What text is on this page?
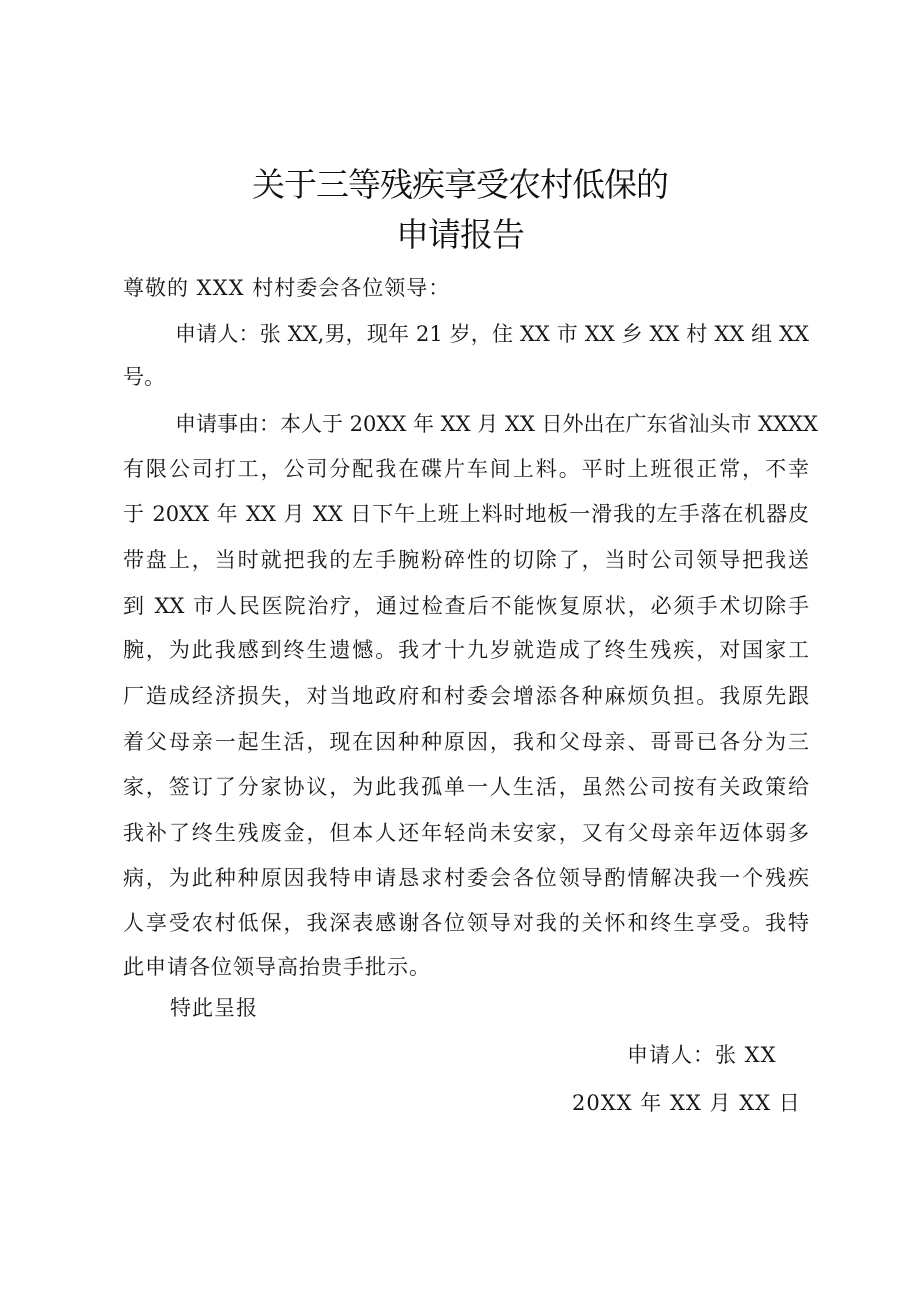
关于三等残疾享受农村低保的
申请报告
尊敬的 XXX 村村委会各位领导：
申请人：张 XX,男，现年 21 岁，住 XX 市 XX 乡 XX 村 XX 组 XX
号。
申请事由：本人于 20XX 年 XX 月 XX 日外出在广东省汕头市 XXXX
有限公司打工，公司分配我在碟片车间上料。平时上班很正常，不幸
于 20XX 年 XX 月 XX 日下午上班上料时地板一滑我的左手落在机器皮
带盘上，当时就把我的左手腕粉碎性的切除了，当时公司领导把我送
到 XX 市人民医院治疗，通过检查后不能恢复原状，必须手术切除手
腕，为此我感到终生遗憾。我才十九岁就造成了终生残疾，对国家工
厂造成经济损失，对当地政府和村委会增添各种麻烦负担。我原先跟
着父母亲一起生活，现在因种种原因，我和父母亲、哥哥已各分为三
家，签订了分家协议，为此我孤单一人生活，虽然公司按有关政策给
我补了终生残废金，但本人还年轻尚未安家，又有父母亲年迈体弱多
病，为此种种原因我特申请恳求村委会各位领导酌情解决我一个残疾
人享受农村低保，我深表感谢各位领导对我的关怀和终生享受。我特
此申请各位领导高抬贵手批示。
特此呈报
申请人：张 XX
20XX 年 XX 月 XX 日
